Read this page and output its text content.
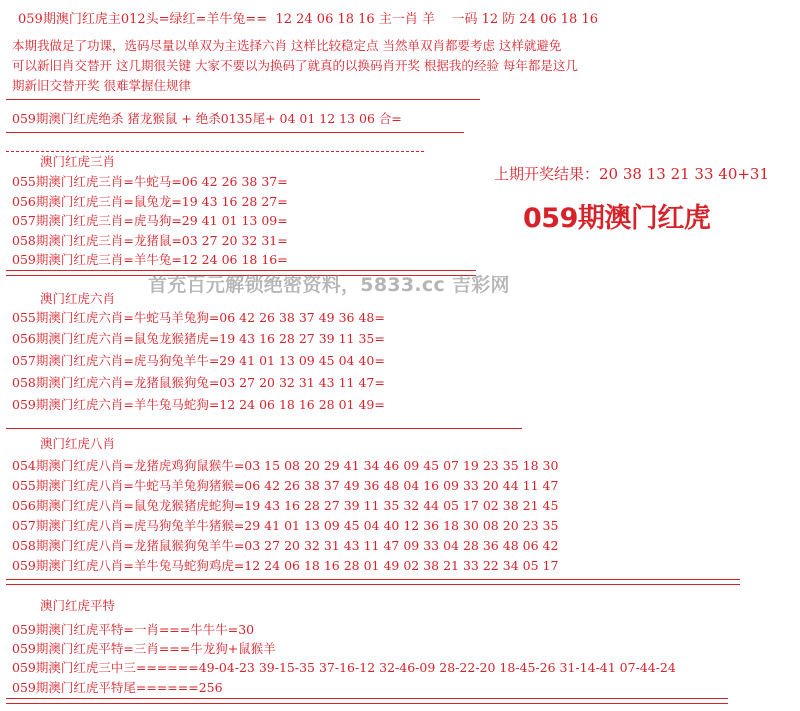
059期澳门红虎主012头=绿红=羊牛兔==  12 24 06 18 16 主一肖 羊    一码 12 防 24 06 18 16
本期我做足了功课，选码尽量以单双为主选择六肖 这样比较稳定点 当然单双肖都要考虑 这样就避免
可以新旧肖交替开 这几期很关键 大家不要以为换码了就真的以换码肖开奖 根据我的经验 每年都是这几
期新旧交替开奖 很难掌握住规律
059期澳门红虎绝杀 猪龙猴鼠 + 绝杀0135尾+ 04 01 12 13 06 合=
上期开奖结果：20 38 13 21 33 40+31
059期澳门红虎
澳门红虎三肖
055期澳门红虎三肖=牛蛇马=06 42 26 38 37=
056期澳门红虎三肖=鼠兔龙=19 43 16 28 27=
057期澳门红虎三肖=虎马狗=29 41 01 13 09=
058期澳门红虎三肖=龙猪鼠=03 27 20 32 31=
059期澳门红虎三肖=羊牛兔=12 24 06 18 16=
首充百元解锁绝密资料，5833.cc 吉彩网
澳门红虎六肖
055期澳门红虎六肖=牛蛇马羊兔狗=06 42 26 38 37 49 36 48=
056期澳门红虎六肖=鼠兔龙猴猪虎=19 43 16 28 27 39 11 35=
057期澳门红虎六肖=虎马狗兔羊牛=29 41 01 13 09 45 04 40=
058期澳门红虎六肖=龙猪鼠猴狗兔=03 27 20 32 31 43 11 47=
059期澳门红虎六肖=羊牛兔马蛇狗=12 24 06 18 16 28 01 49=
澳门红虎八肖
054期澳门红虎八肖=龙猪虎鸡狗鼠猴牛=03 15 08 20 29 41 34 46 09 45 07 19 23 35 18 30
055期澳门红虎八肖=牛蛇马羊兔狗猪猴=06 42 26 38 37 49 36 48 04 16 09 33 20 44 11 47
056期澳门红虎八肖=鼠兔龙猴猪虎蛇狗=19 43 16 28 27 39 11 35 32 44 05 17 02 38 21 45
057期澳门红虎八肖=虎马狗兔羊牛猪猴=29 41 01 13 09 45 04 40 12 36 18 30 08 20 23 35
058期澳门红虎八肖=龙猪鼠猴狗兔羊牛=03 27 20 32 31 43 11 47 09 33 04 28 36 48 06 42
059期澳门红虎八肖=羊牛兔马蛇狗鸡虎=12 24 06 18 16 28 01 49 02 38 21 33 22 34 05 17
澳门红虎平特
059期澳门红虎平特=一肖===牛牛牛=30
059期澳门红虎平特=三肖===牛龙狗+鼠猴羊
059期澳门红虎三中三======49-04-23 39-15-35 37-16-12 32-46-09 28-22-20 18-45-26 31-14-41 07-44-24
059期澳门红虎平特尾======256
